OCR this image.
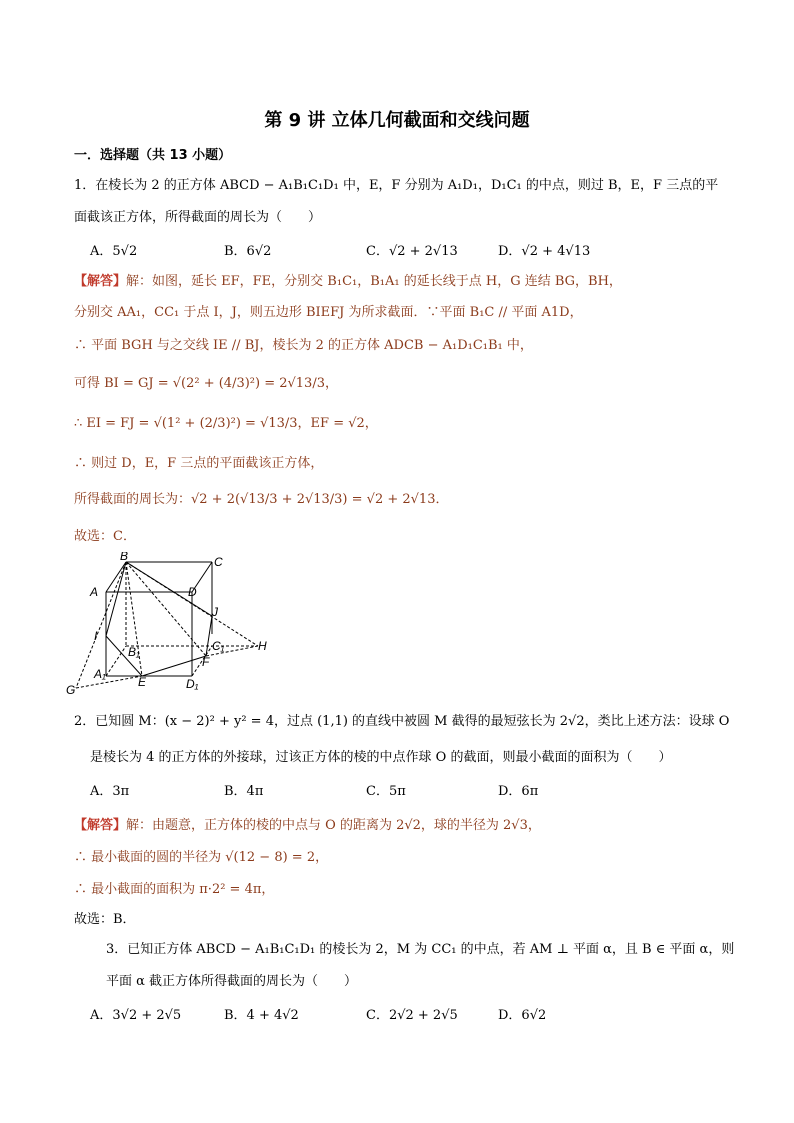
第 9 讲 立体几何截面和交线问题
一．选择题（共 13 小题）
1．在棱长为 2 的正方体 ABCD − A₁B₁C₁D₁ 中，E，F 分别为 A₁D₁，D₁C₁ 的中点，则过 B，E，F 三点的平
面截该正方体，所得截面的周长为（　　）
A．5√2	B．6√2	C．√2 + 2√13	D．√2 + 4√13
【解答】解：如图，延长 EF，FE，分别交 B₁C₁，B₁A₁ 的延长线于点 H，G 连结 BG，BH，
分别交 AA₁，CC₁ 于点 I，J，则五边形 BIEFJ 为所求截面．∵平面 B₁C // 平面 A1D，
∴ 平面 BGH 与之交线 IE // BJ，棱长为 2 的正方体 ADCB − A₁D₁C₁B₁ 中，
可得 BI = GJ = √(2² + (4/3)²) = 2√13/3，
∴ EI = FJ = √(1² + (2/3)²) = √13/3，EF = √2，
∴ 则过 D，E，F 三点的平面截该正方体，
所得截面的周长为：√2 + 2(√13/3 + 2√13/3) = √2 + 2√13．
故选：C．
B	C
A	D
J
I
B₁	C₁	H
F
A₁
E	D₁
G
2．已知圆 M：(x − 2)² + y² = 4，过点 (1,1) 的直线中被圆 M 截得的最短弦长为 2√2，类比上述方法：设球 O
是棱长为 4 的正方体的外接球，过该正方体的棱的中点作球 O 的截面，则最小截面的面积为（　　）
A．3π	B．4π	C．5π	D．6π
【解答】解：由题意，正方体的棱的中点与 O 的距离为 2√2，球的半径为 2√3，
∴ 最小截面的圆的半径为 √(12 − 8) = 2，
∴ 最小截面的面积为 π·2² = 4π，
故选：B．
3．已知正方体 ABCD − A₁B₁C₁D₁ 的棱长为 2，M 为 CC₁ 的中点，若 AM ⊥ 平面 α，且 B ∈ 平面 α，则
平面 α 截正方体所得截面的周长为（　　）
A．3√2 + 2√5	B．4 + 4√2	C．2√2 + 2√5	D．6√2
